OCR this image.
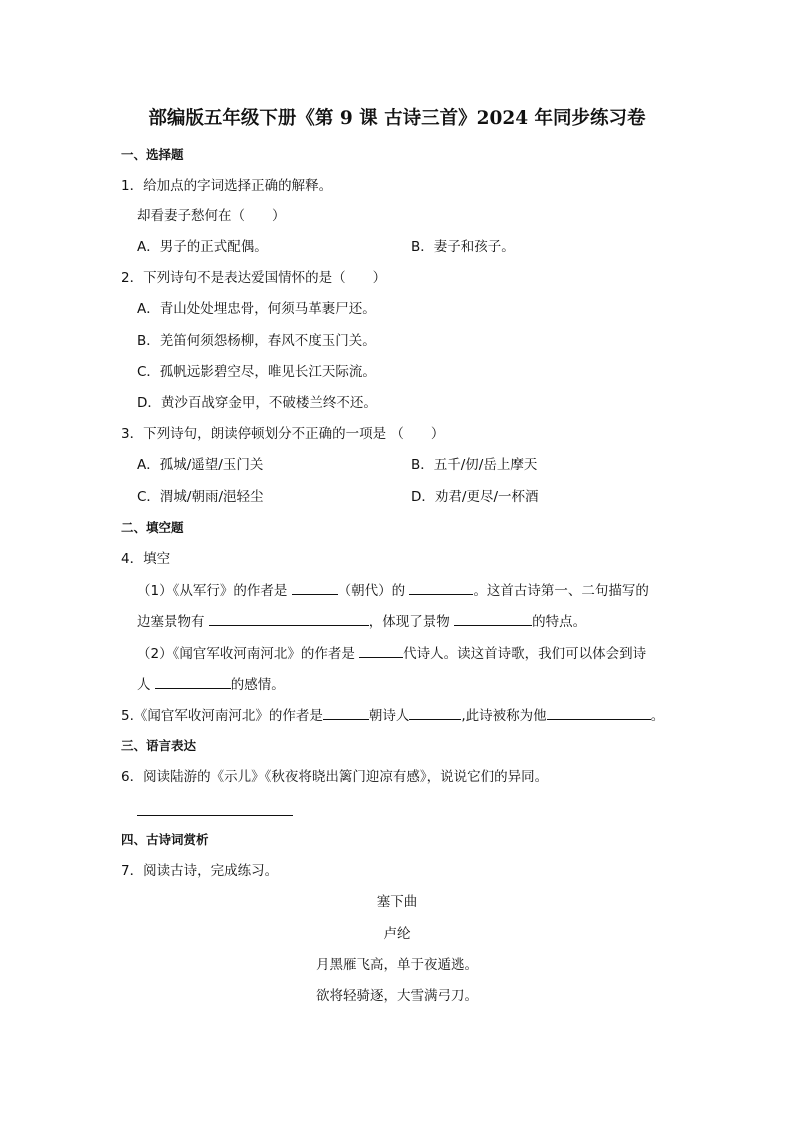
部编版五年级下册《第 9 课 古诗三首》2024 年同步练习卷
一、选择题
1．给加点的字词选择正确的解释。
却看妻子愁何在（　　）
A．男子的正式配偶。	B．妻子和孩子。
2．下列诗句不是表达爱国情怀的是（　　）
A．青山处处埋忠骨，何须马革裹尸还。
B．羌笛何须怨杨柳，春风不度玉门关。
C．孤帆远影碧空尽，唯见长江天际流。
D．黄沙百战穿金甲，不破楼兰终不还。
3．下列诗句，朗读停顿划分不正确的一项是 （　　）
A．孤城/遥望/玉门关	B．五千/仞/岳上摩天
C．渭城/朝雨/浥轻尘	D．劝君/更尽/一杯酒
二、填空题
4．填空
（1）《从军行》的作者是	（朝代）的	。这首古诗第一、二句描写的
边塞景物有	，体现了景物	的特点。
（2）《闻官军收河南河北》的作者是	代诗人。读这首诗歌，我们可以体会到诗
人	的感情。
5.《闻官军收河南河北》的作者是	朝诗人	,此诗被称为他	。
三、语言表达
6．阅读陆游的《示儿》《秋夜将晓出篱门迎凉有感》，说说它们的异同。
四、古诗词赏析
7．阅读古诗，完成练习。
塞下曲
卢纶
月黑雁飞高，单于夜遁逃。
欲将轻骑逐，大雪满弓刀。
